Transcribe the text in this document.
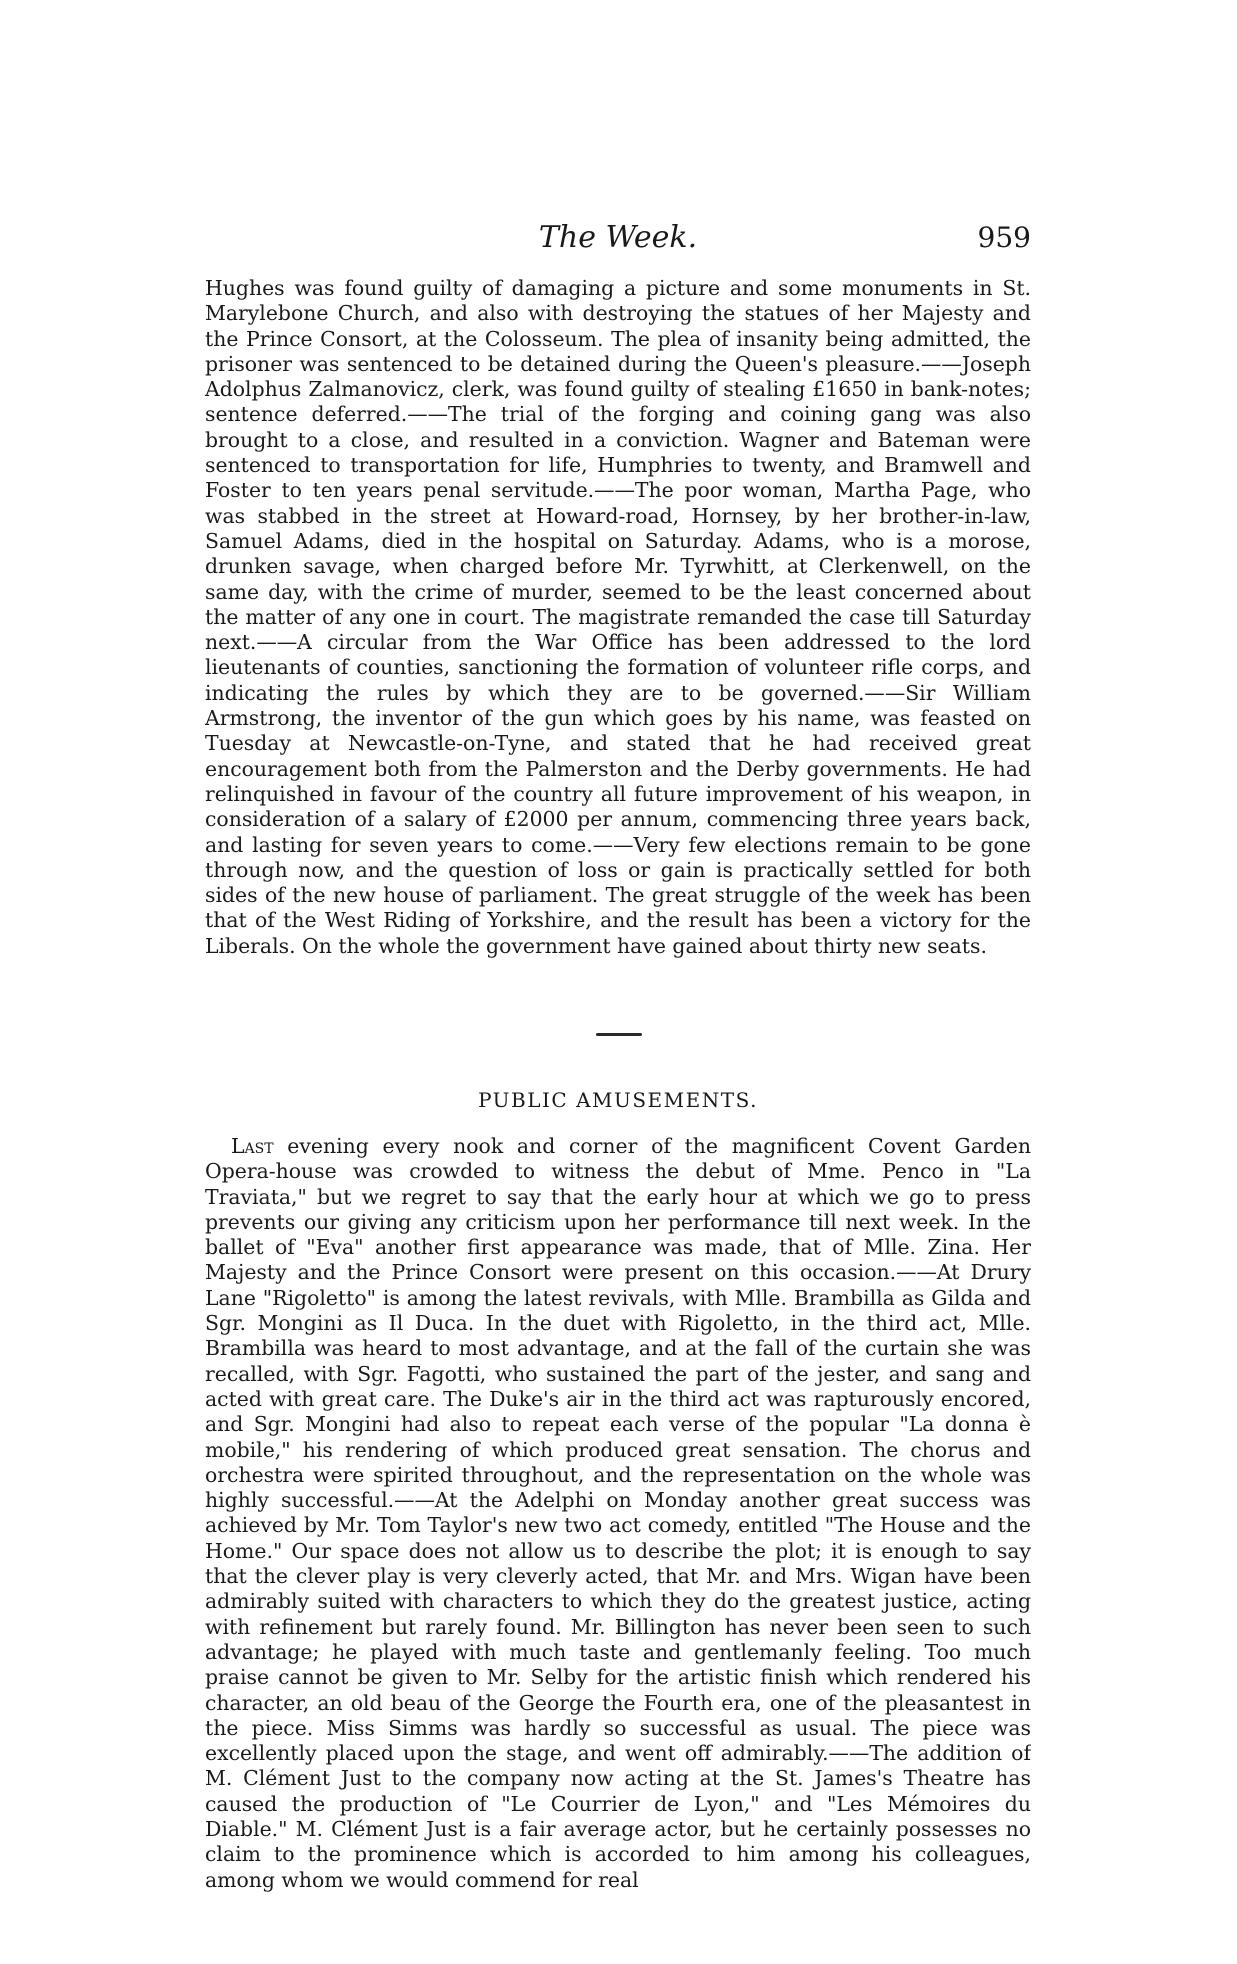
The Week.	959

Hughes was found guilty of damaging a picture and some monuments in St. Marylebone Church, and also with destroying the statues of her Majesty and the Prince Consort, at the Colosseum. The plea of insanity being admitted, the prisoner was sentenced to be detained during the Queen's pleasure.——Joseph Adolphus Zalmanovicz, clerk, was found guilty of stealing £1650 in bank-notes; sentence deferred.——The trial of the forging and coining gang was also brought to a close, and resulted in a conviction. Wagner and Bateman were sentenced to transportation for life, Humphries to twenty, and Bramwell and Foster to ten years penal servitude.——The poor woman, Martha Page, who was stabbed in the street at Howard-road, Hornsey, by her brother-in-law, Samuel Adams, died in the hospital on Saturday. Adams, who is a morose, drunken savage, when charged before Mr. Tyrwhitt, at Clerkenwell, on the same day, with the crime of murder, seemed to be the least concerned about the matter of any one in court. The magistrate remanded the case till Saturday next.——A circular from the War Office has been addressed to the lord lieutenants of counties, sanctioning the formation of volunteer rifle corps, and indicating the rules by which they are to be governed.——Sir William Armstrong, the inventor of the gun which goes by his name, was feasted on Tuesday at Newcastle-on-Tyne, and stated that he had received great encouragement both from the Palmerston and the Derby governments. He had relinquished in favour of the country all future improvement of his weapon, in consideration of a salary of £2000 per annum, commencing three years back, and lasting for seven years to come.——Very few elections remain to be gone through now, and the question of loss or gain is practically settled for both sides of the new house of parliament. The great struggle of the week has been that of the West Riding of Yorkshire, and the result has been a victory for the Liberals. On the whole the government have gained about thirty new seats.

PUBLIC AMUSEMENTS.

Last evening every nook and corner of the magnificent Covent Garden Opera-house was crowded to witness the debut of Mme. Penco in "La Traviata," but we regret to say that the early hour at which we go to press prevents our giving any criticism upon her performance till next week. In the ballet of "Eva" another first appearance was made, that of Mlle. Zina. Her Majesty and the Prince Consort were present on this occasion.——At Drury Lane "Rigoletto" is among the latest revivals, with Mlle. Brambilla as Gilda and Sgr. Mongini as Il Duca. In the duet with Rigoletto, in the third act, Mlle. Brambilla was heard to most advantage, and at the fall of the curtain she was recalled, with Sgr. Fagotti, who sustained the part of the jester, and sang and acted with great care. The Duke's air in the third act was rapturously encored, and Sgr. Mongini had also to repeat each verse of the popular "La donna è mobile," his rendering of which produced great sensation. The chorus and orchestra were spirited throughout, and the representation on the whole was highly successful.——At the Adelphi on Monday another great success was achieved by Mr. Tom Taylor's new two act comedy, entitled "The House and the Home." Our space does not allow us to describe the plot; it is enough to say that the clever play is very cleverly acted, that Mr. and Mrs. Wigan have been admirably suited with characters to which they do the greatest justice, acting with refinement but rarely found. Mr. Billington has never been seen to such advantage; he played with much taste and gentlemanly feeling. Too much praise cannot be given to Mr. Selby for the artistic finish which rendered his character, an old beau of the George the Fourth era, one of the pleasantest in the piece. Miss Simms was hardly so successful as usual. The piece was excellently placed upon the stage, and went off admirably.——The addition of M. Clément Just to the company now acting at the St. James's Theatre has caused the production of "Le Courrier de Lyon," and "Les Mémoires du Diable." M. Clément Just is a fair average actor, but he certainly possesses no claim to the prominence which is accorded to him among his colleagues, among whom we would commend for real
